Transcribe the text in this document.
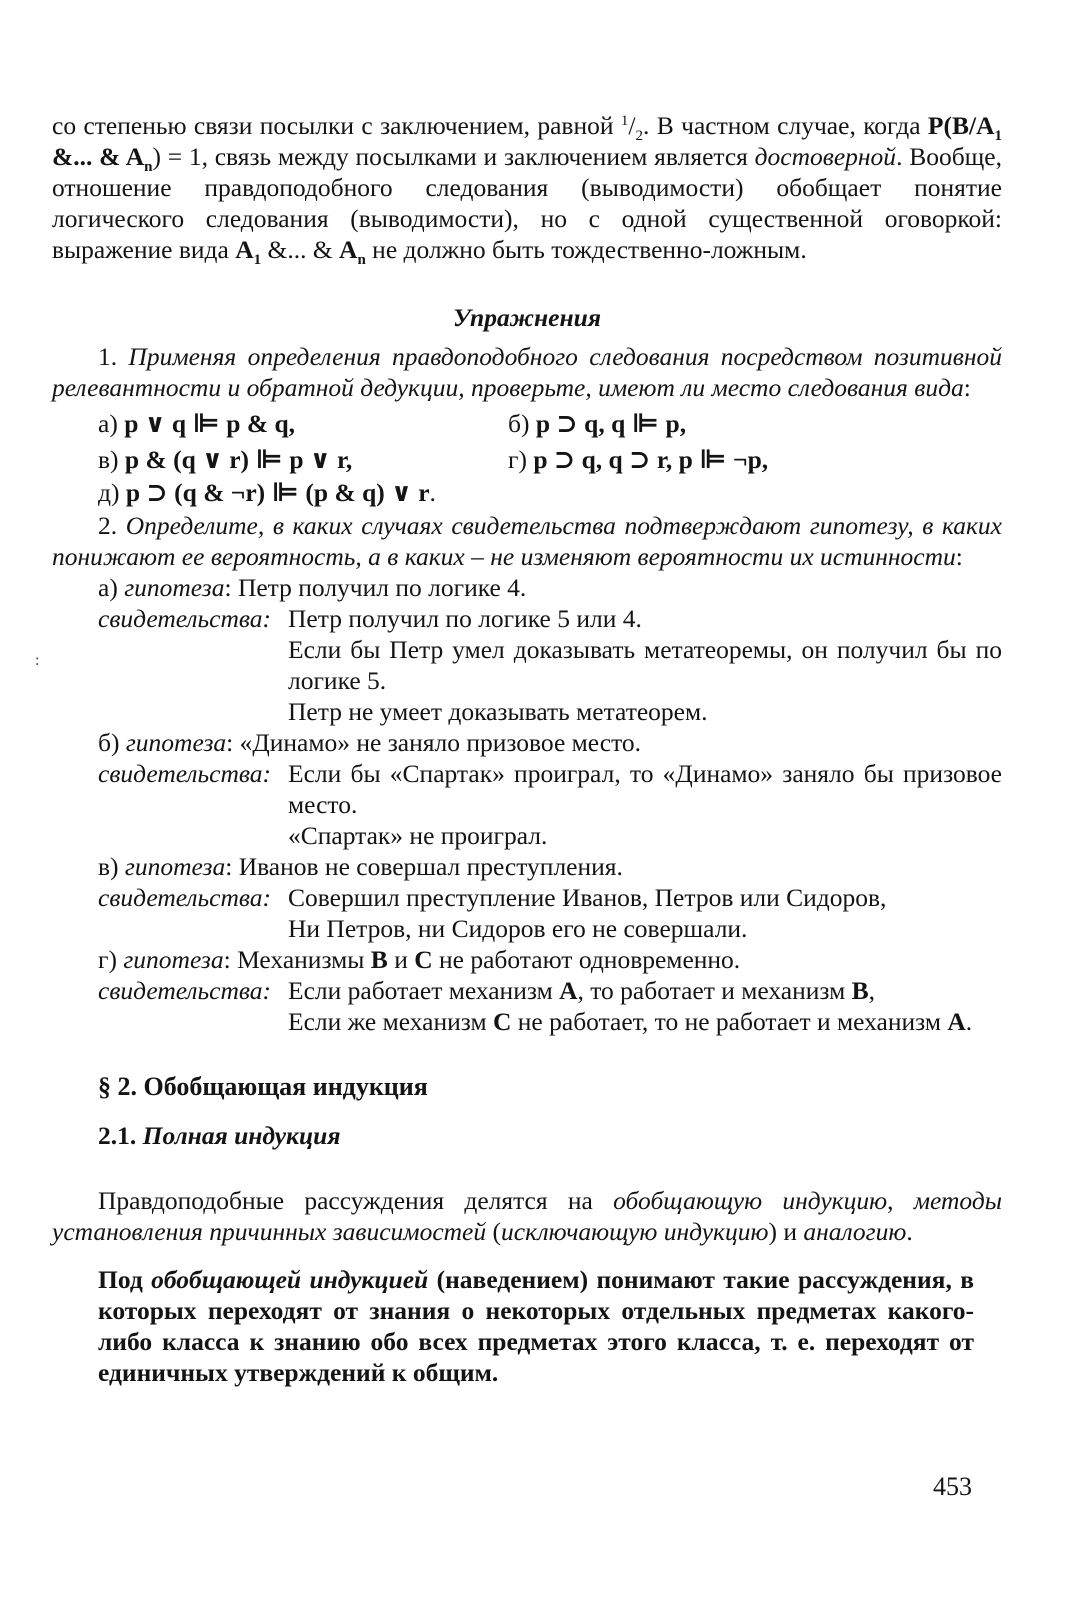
со степенью связи посылки с заключением, равной $^1/_2$. В частном случае, когда $P(B/A_1$ &... & $A_n) = 1$, связь между посылками и заключением является достоверной. Вообще, отношение правдоподобного следования (выводимости) обобщает понятие логического следования (выводимости), но с одной существенной оговоркой: выражение вида $A_1$ &... & $A_n$ не должно быть тождественно-ложным.

Упражнения

1. Применяя определения правдоподобного следования посредством позитивной релевантности и обратной дедукции, проверьте, имеют ли место следования вида:

а) p ∨ q ⊫ p & q,	б) p ⊃ q, q ⊫ p,
в) p & (q ∨ r) ⊫ p ∨ r,	г) p ⊃ q, q ⊃ r, p ⊫ ¬p,
д) p ⊃ (q & ¬r) ⊫ (p & q) ∨ r.

2. Определите, в каких случаях свидетельства подтверждают гипотезу, в каких понижают ее вероятность, а в каких – не изменяют вероятности их истинности:

а) гипотеза: Петр получил по логике 4.

свидетельства: Петр получил по логике 5 или 4.

Если бы Петр умел доказывать метатеоремы, он получил бы по логике 5.

Петр не умеет доказывать метатеорем.

б) гипотеза: «Динамо» не заняло призовое место.

свидетельства: Если бы «Спартак» проиграл, то «Динамо» заняло бы призовое место.

«Спартак» не проиграл.

в) гипотеза: Иванов не совершал преступления.

свидетельства: Совершил преступление Иванов, Петров или Сидоров,

Ни Петров, ни Сидоров его не совершали.

г) гипотеза: Механизмы B и C не работают одновременно.

свидетельства: Если работает механизм A, то работает и механизм B,

Если же механизм C не работает, то не работает и механизм A.

§ 2. Обобщающая индукция

2.1. Полная индукция

Правдоподобные рассуждения делятся на обобщающую индукцию, методы установления причинных зависимостей (исключающую индукцию) и аналогию.

Под обобщающей индукцией (наведением) понимают такие рассуждения, в которых переходят от знания о некоторых отдельных предметах какого-либо класса к знанию обо всех предметах этого класса, т. е. переходят от единичных утверждений к общим.

:
453
